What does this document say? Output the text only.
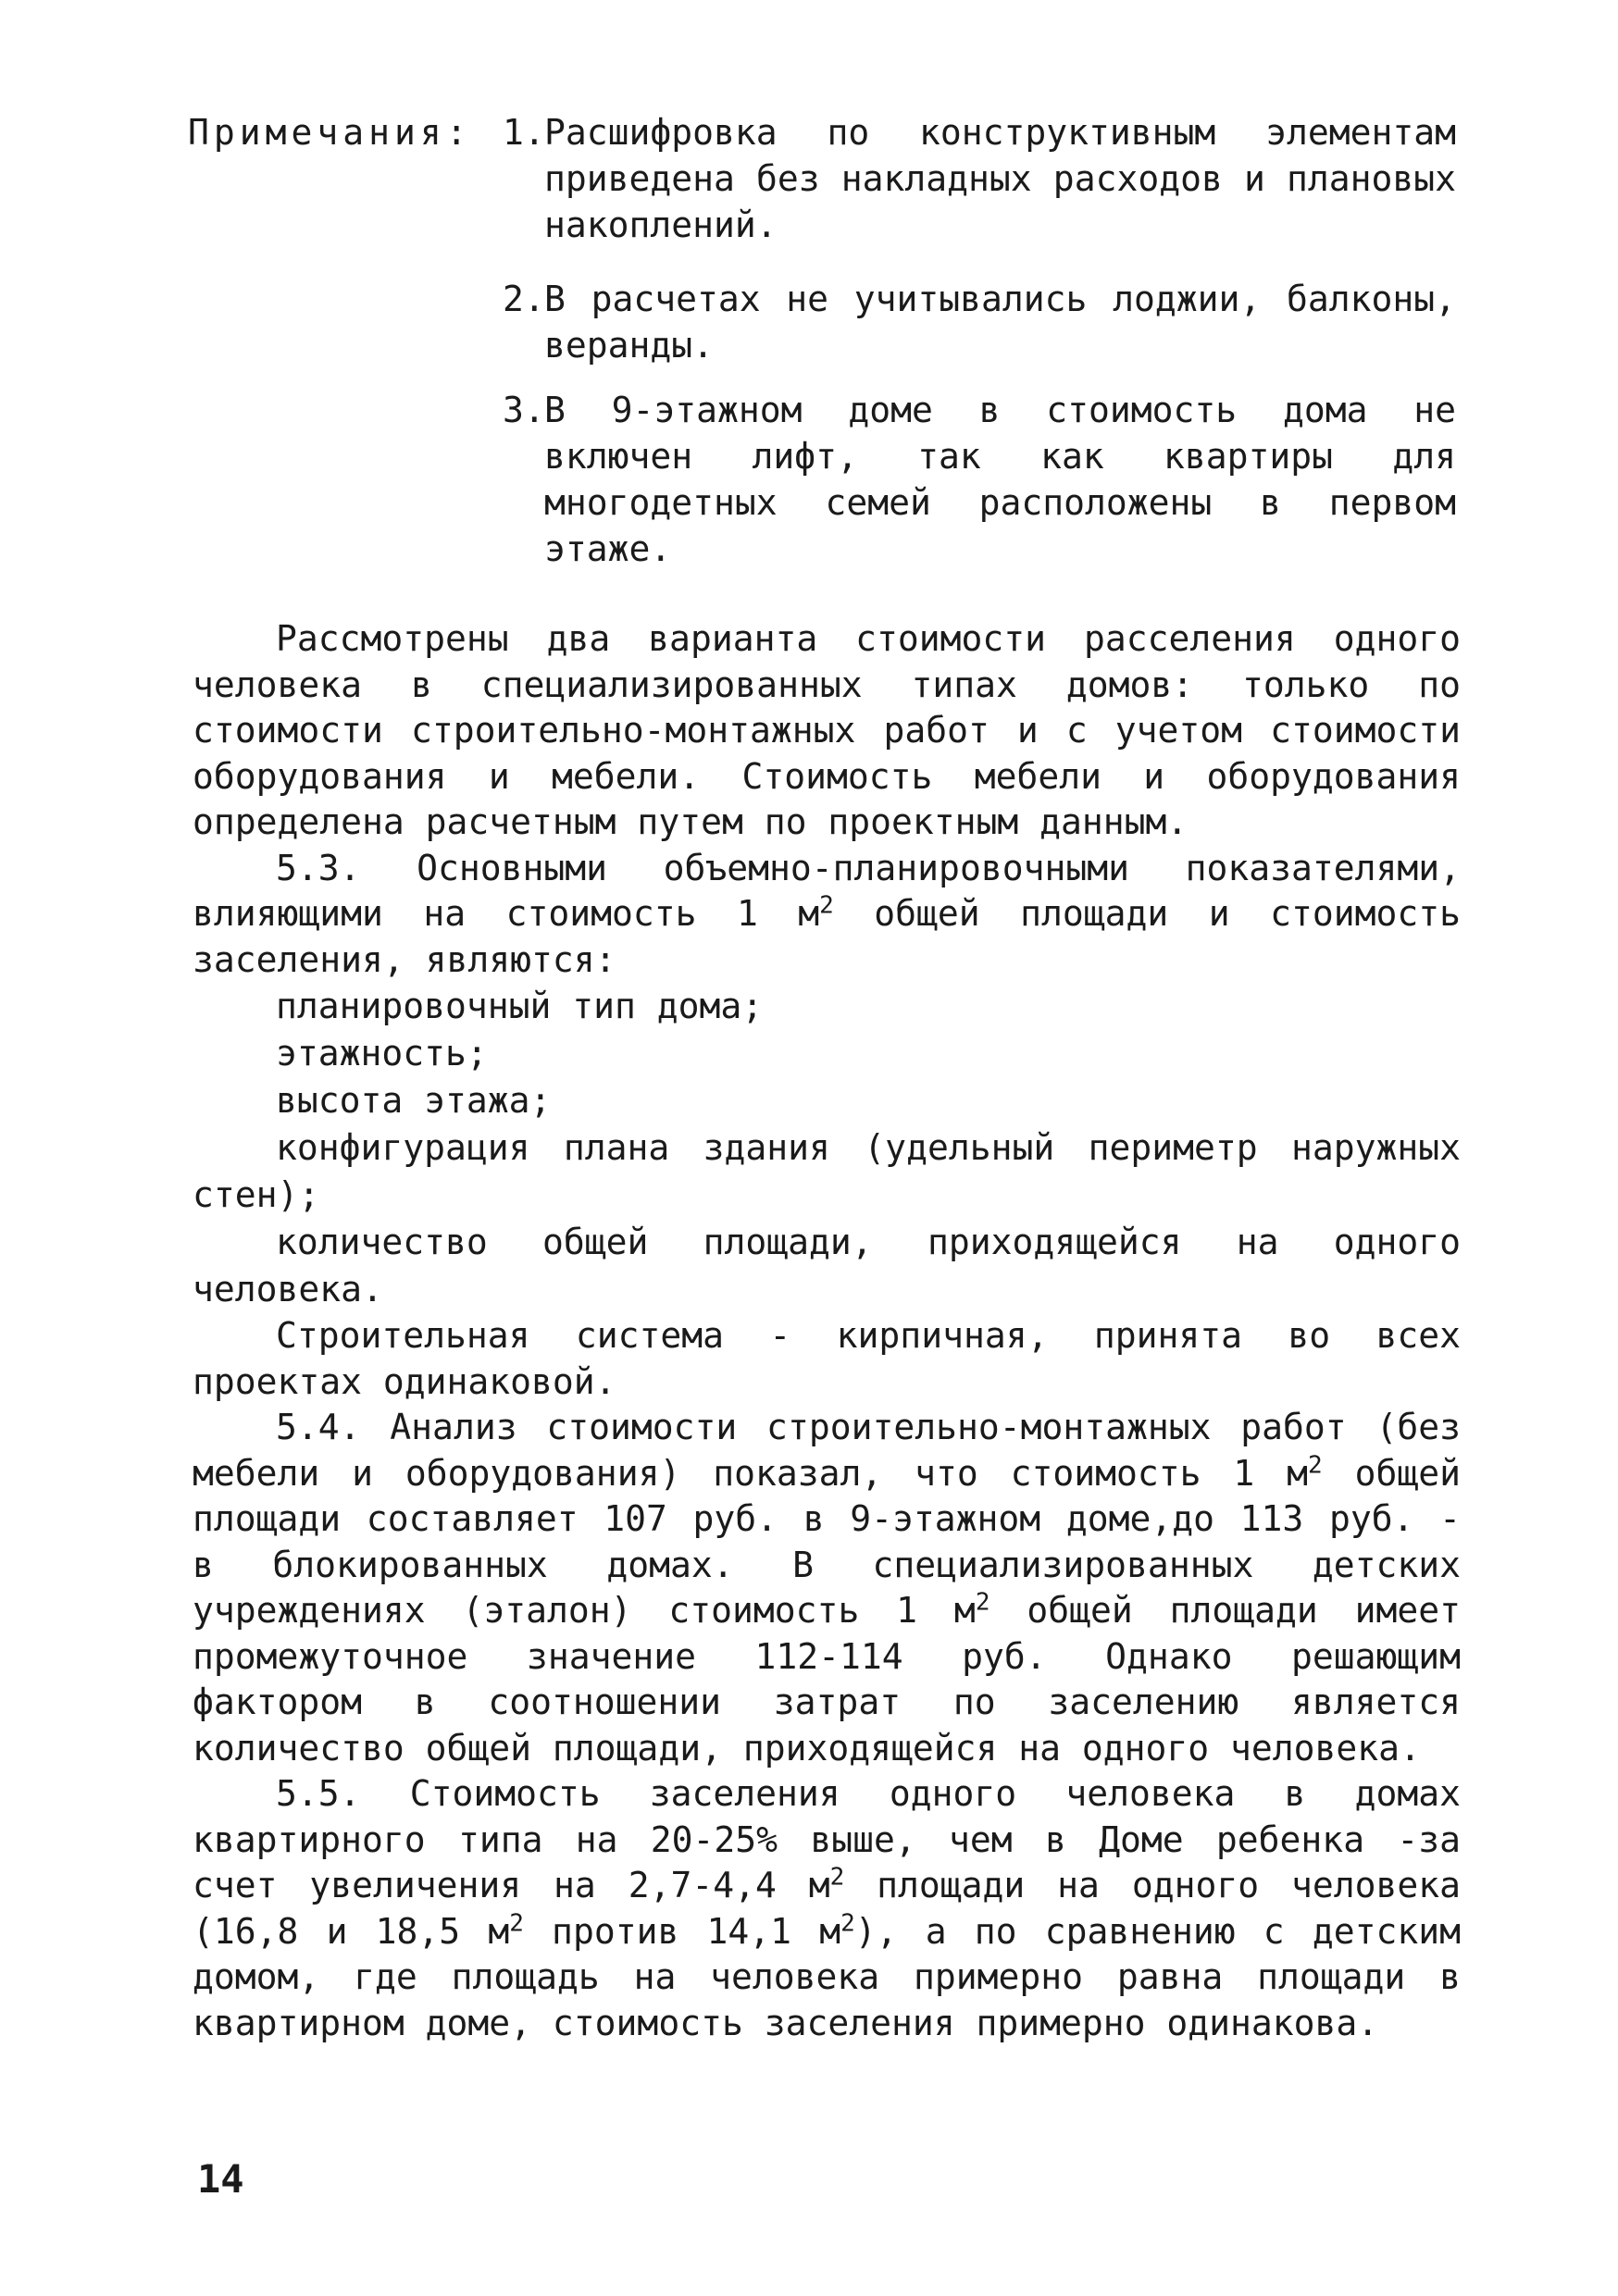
Примечания: 1. Расшифровка по конструктивным элементам приведена без накладных расходов и плановых накоплений.
2. В расчетах не учитывались лоджии, балконы, веранды.
3. В 9-этажном доме в стоимость дома не включен лифт, так как квартиры для многодетных семей расположены в первом этаже.

Рассмотрены два варианта стоимости расселения одного человека в специализированных типах домов: только по стоимости строительно-монтажных работ и с учетом стоимости оборудования и мебели. Стоимость мебели и оборудования определена расчетным путем по проектным данным.

5.3. Основными объемно-планировочными показателями, влияющими на стоимость 1 $м^2$ общей площади и стоимость заселения, являются:

планировочный тип дома;

этажность;

высота этажа;

конфигурация плана здания (удельный периметр наружных стен);

количество общей площади, приходящейся на одного человека.

Строительная система - кирпичная, принята во всех проектах одинаковой.

5.4. Анализ стоимости строительно-монтажных работ (без мебели и оборудования) показал, что стоимость 1 $м^2$ общей площади составляет 107 руб. в 9-этажном доме,до 113 руб. - в блокированных домах. В специализированных детских учреждениях (эталон) стоимость 1 $м^2$ общей площади имеет промежуточное значение 112-114 руб. Однако решающим фактором в соотношении затрат по заселению является количество общей площади, приходящейся на одного человека.

5.5. Стоимость заселения одного человека в домах квартирного типа на 20-25% выше, чем в Доме ребенка -за счет увеличения на 2,7-4,4 $м^2$ площади на одного человека (16,8 и 18,5 $м^2$ против 14,1 $м^2$), а по сравнению с детским домом, где площадь на человека примерно равна площади в квартирном доме, стоимость заселения примерно одинакова.

14
